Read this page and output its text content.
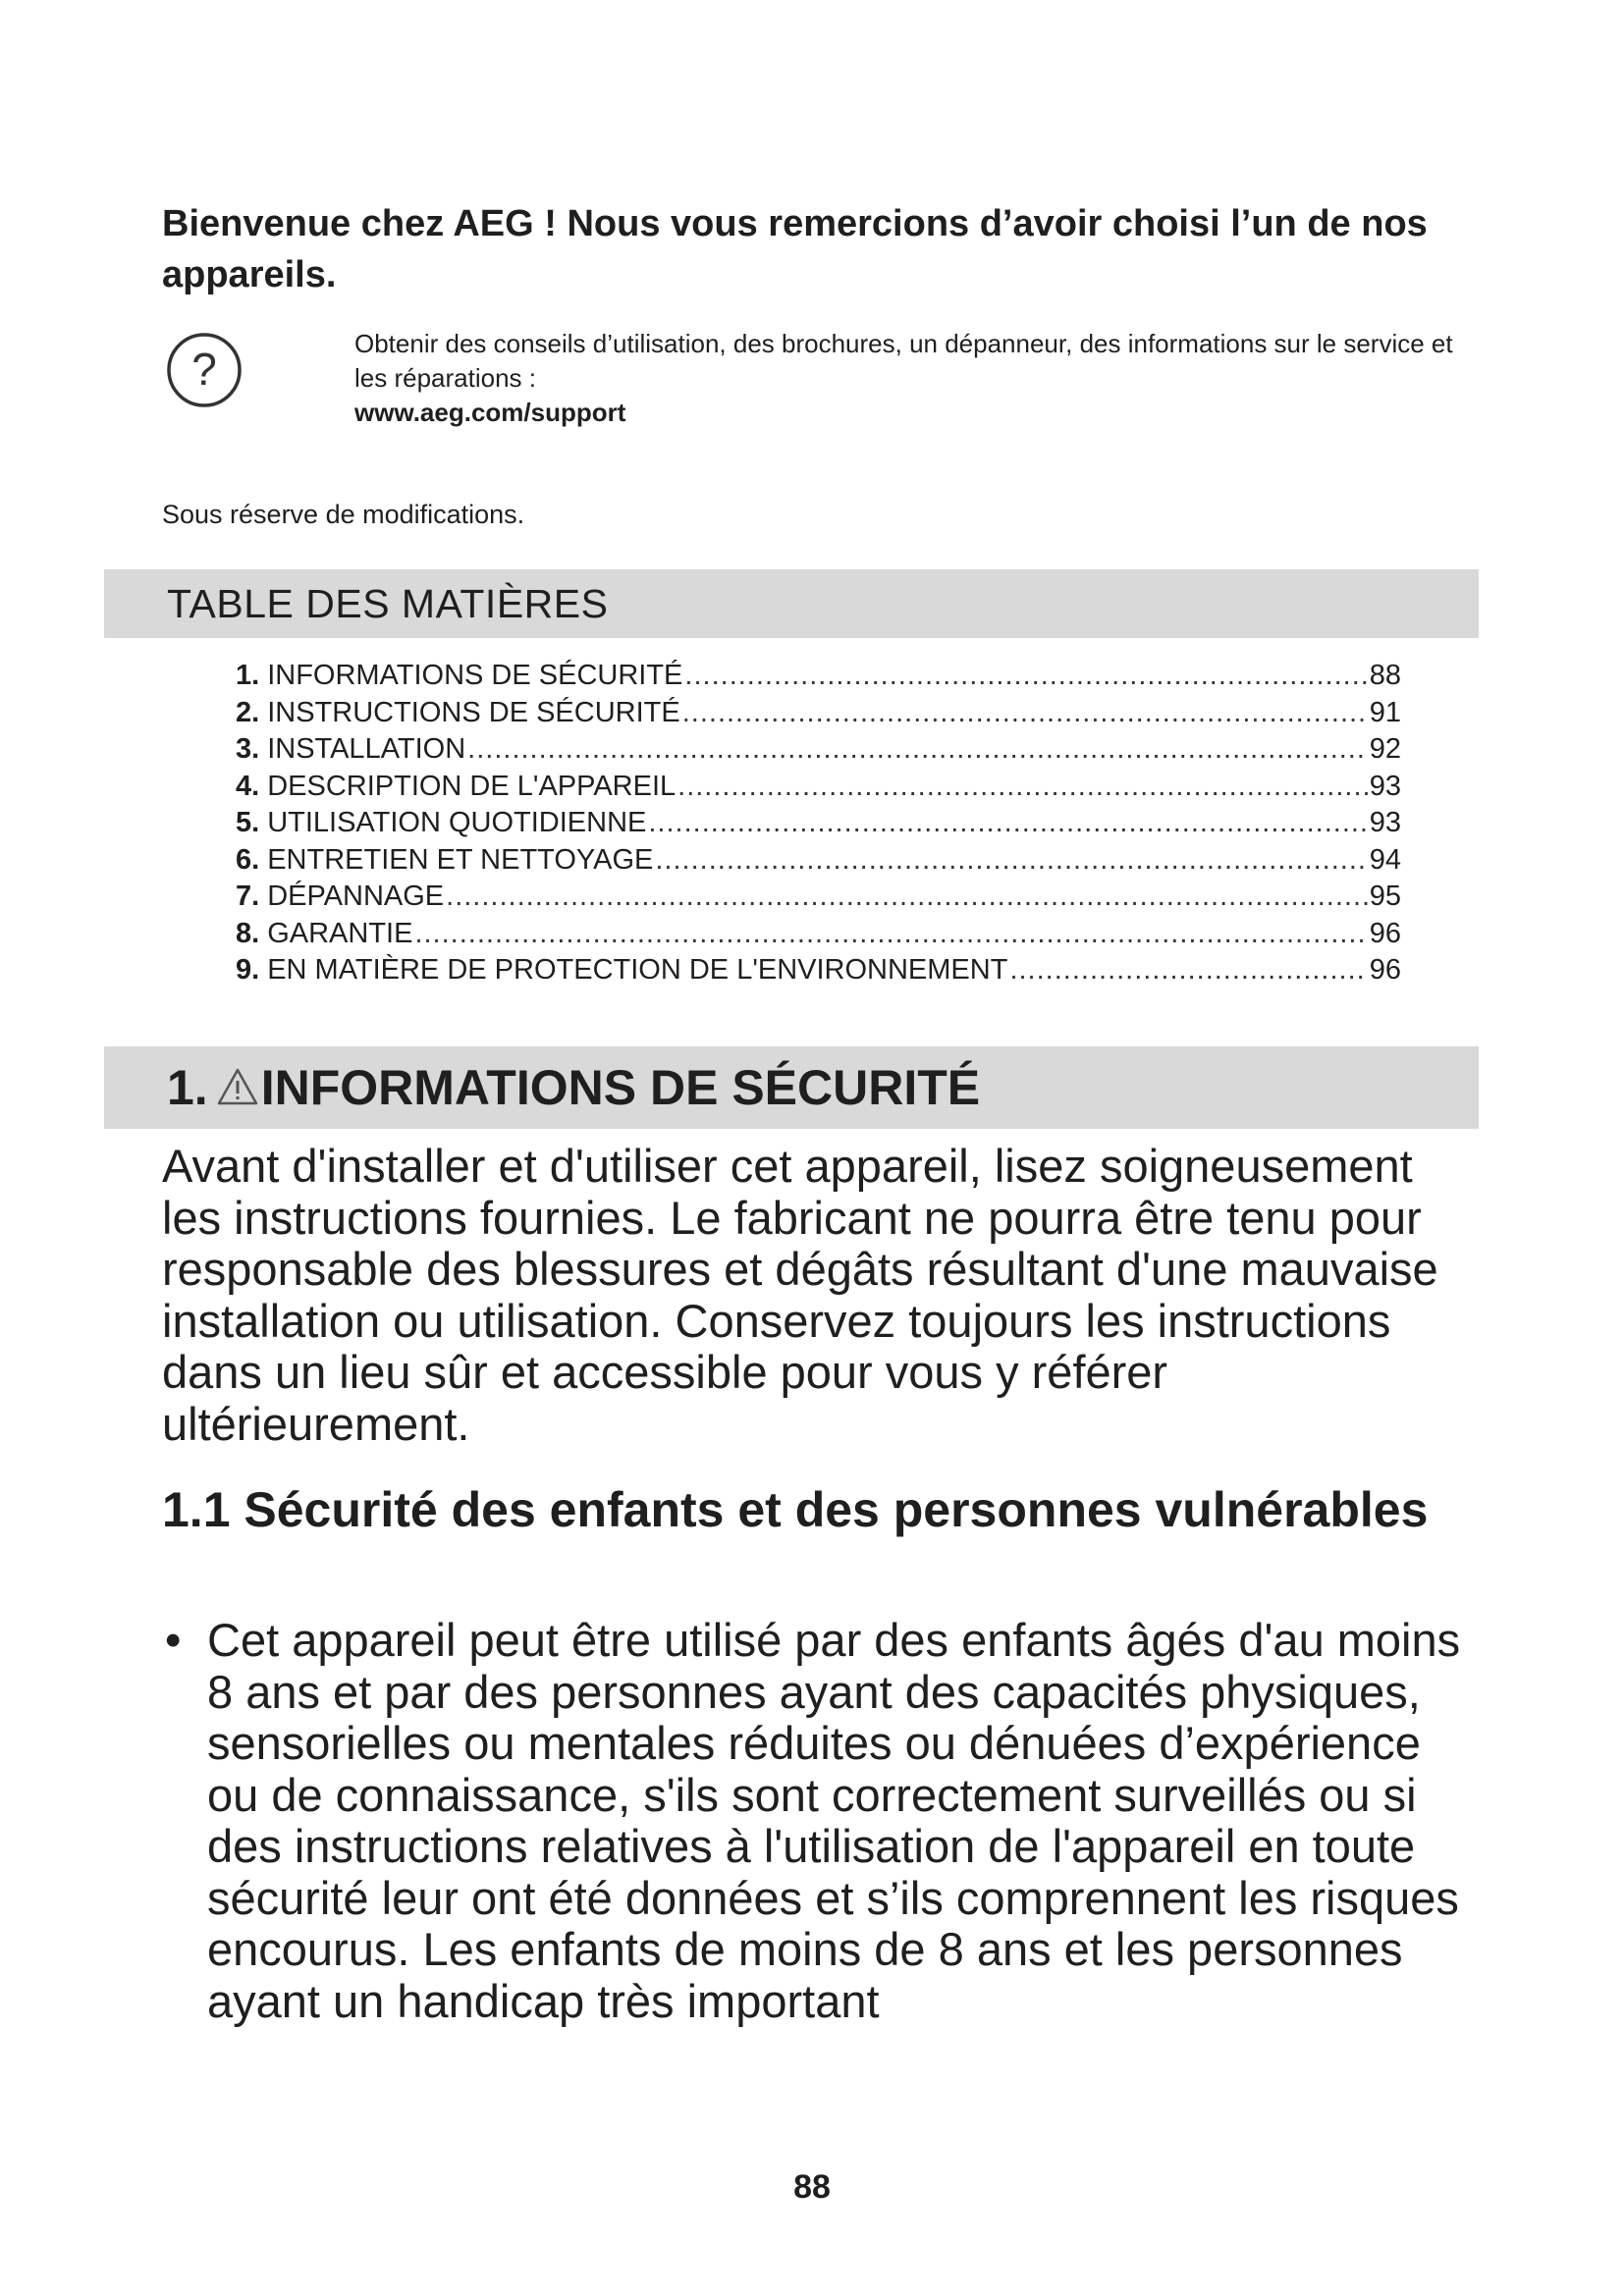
Bienvenue chez AEG ! Nous vous remercions d’avoir choisi l’un de nos appareils.

?	Obtenir des conseils d’utilisation, des brochures, un dépanneur, des informations sur le service et les réparations :
www.aeg.com/support
Sous réserve de modifications.
TABLE DES MATIÈRES
1. INFORMATIONS DE SÉCURITÉ .....	88
2. INSTRUCTIONS DE SÉCURITÉ .....	91
3. INSTALLATION .....	92
4. DESCRIPTION DE L'APPAREIL .....	93
5. UTILISATION QUOTIDIENNE .....	93
6. ENTRETIEN ET NETTOYAGE .....	94
7. DÉPANNAGE .....	95
8. GARANTIE .....	96
9. EN MATIÈRE DE PROTECTION DE L'ENVIRONNEMENT .....	96
1. INFORMATIONS DE SÉCURITÉ

Avant d'installer et d'utiliser cet appareil, lisez soigneusement les instructions fournies. Le fabricant ne pourra être tenu pour responsable des blessures et dégâts résultant d'une mauvaise installation ou utilisation. Conservez toujours les instructions dans un lieu sûr et accessible pour vous y référer ultérieurement.

1.1 Sécurité des enfants et des personnes vulnérables

• Cet appareil peut être utilisé par des enfants âgés d'au moins 8 ans et par des personnes ayant des capacités physiques, sensorielles ou mentales réduites ou dénuées d’expérience ou de connaissance, s'ils sont correctement surveillés ou si des instructions relatives à l'utilisation de l'appareil en toute sécurité leur ont été données et s’ils comprennent les risques encourus. Les enfants de moins de 8 ans et les personnes ayant un handicap très important

88
